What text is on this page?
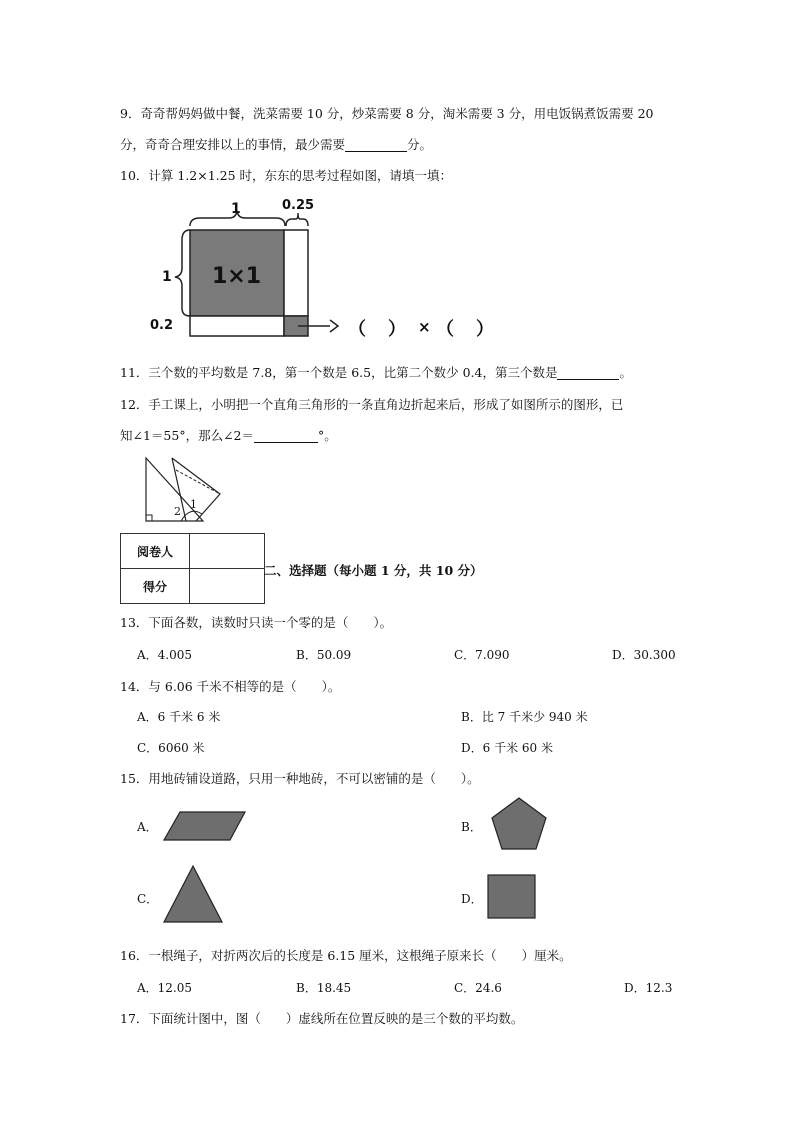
9．奇奇帮妈妈做中餐，洗菜需要 10 分，炒菜需要 8 分，淘米需要 3 分，用电饭锅煮饭需要 20
分，奇奇合理安排以上的事情，最少需要	分。
10．计算 1.2×1.25 时，东东的思考过程如图，请填一填：
1	0.25
1
0.2
1×1
（ ） × （ ）
11．三个数的平均数是 7.8，第一个数是 6.5，比第二个数少 0.4，第三个数是	。
12．手工课上，小明把一个直角三角形的一条直角边折起来后，形成了如图所示的图形，已
知∠1＝55°，那么∠2＝	°。
2
1
阅卷人	
得分	
二、选择题（每小题 1 分，共 10 分）
13．下面各数，读数时只读一个零的是（　　）。
A．4.005	B．50.09	C．7.090	D．30.300
14．与 6.06 千米不相等的是（　　）。
A．6 千米 6 米	B．比 7 千米少 940 米
C．6060 米	D．6 千米 60 米
15．用地砖铺设道路，只用一种地砖，不可以密铺的是（　　）。
A．	B．
C．	D．
16．一根绳子，对折两次后的长度是 6.15 厘米，这根绳子原来长（　　）厘米。
A．12.05	B．18.45	C．24.6	D．12.3
17．下面统计图中，图（　　）虚线所在位置反映的是三个数的平均数。
